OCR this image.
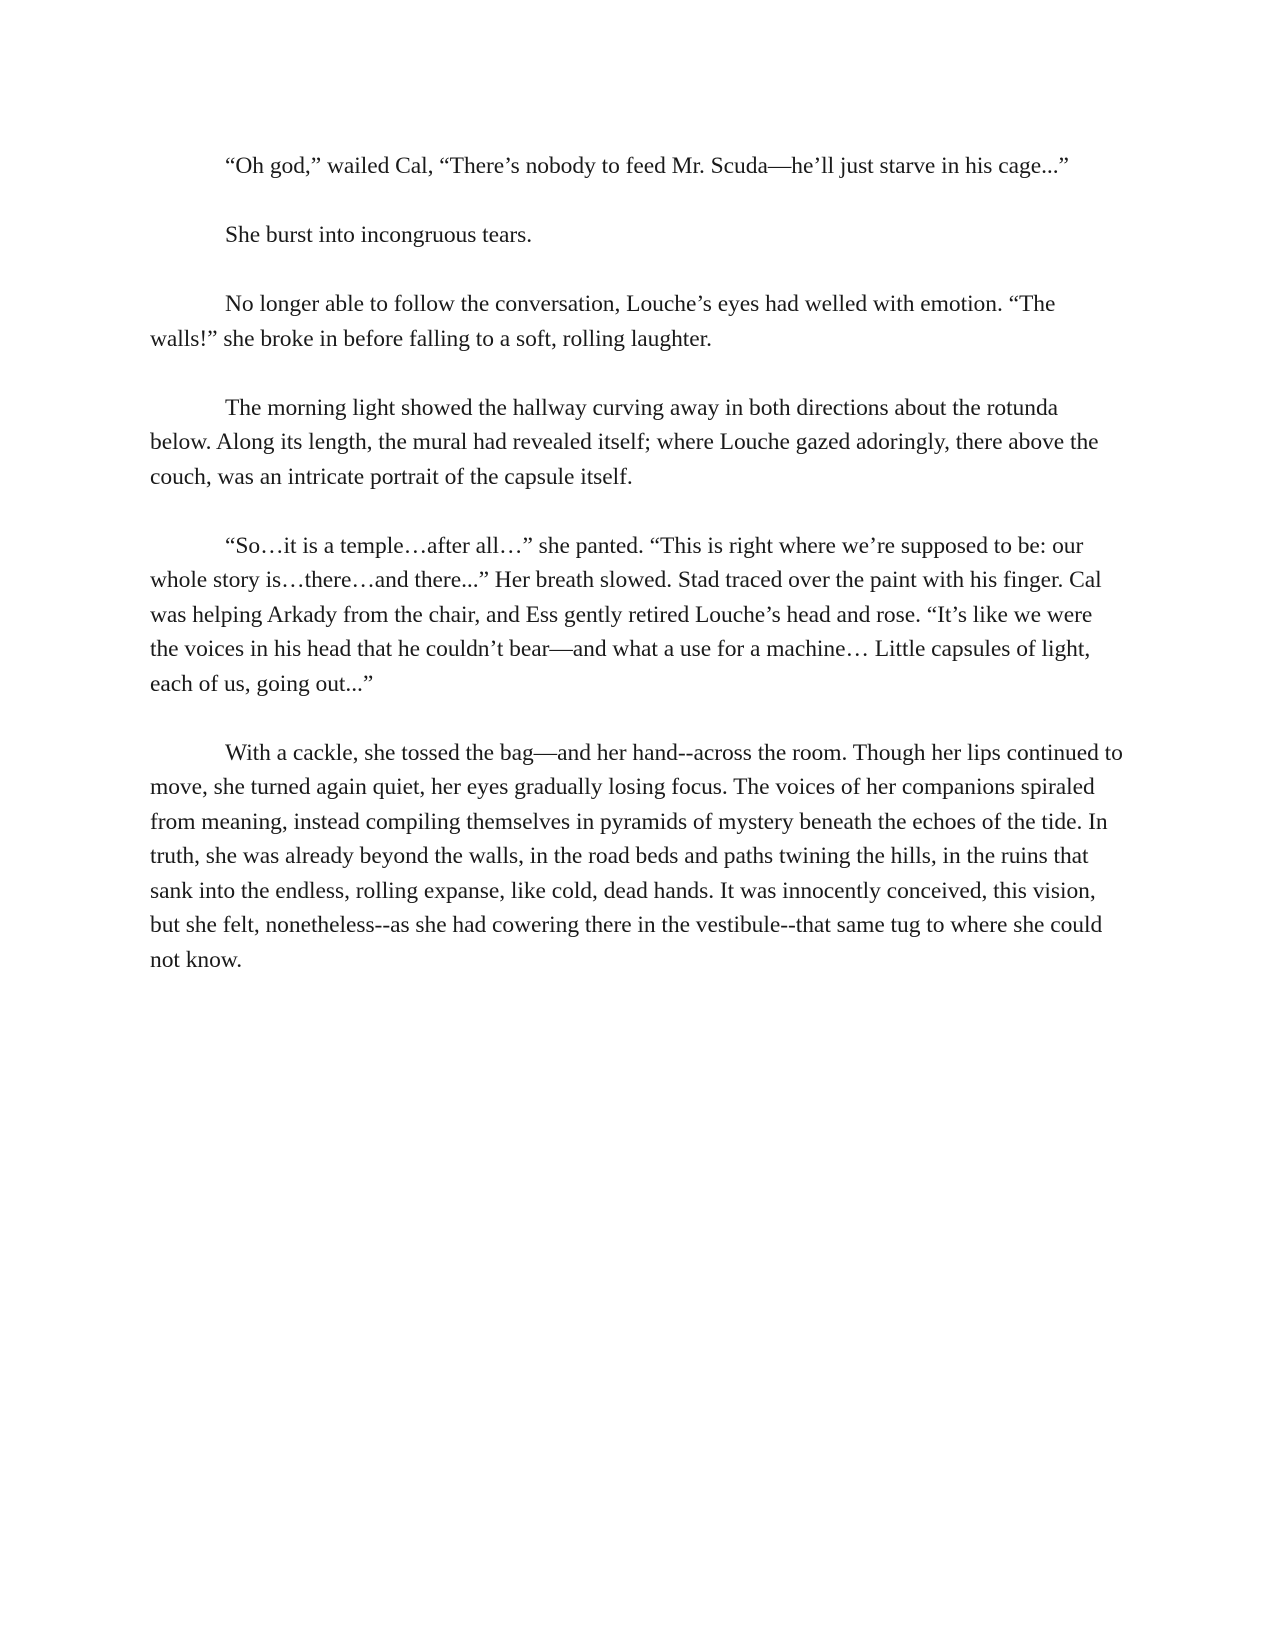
“Oh god,” wailed Cal, “There’s nobody to feed Mr. Scuda—he’ll just starve in his cage...”

She burst into incongruous tears.

No longer able to follow the conversation, Louche’s eyes had welled with emotion. “The walls!” she broke in before falling to a soft, rolling laughter.

The morning light showed the hallway curving away in both directions about the rotunda below. Along its length, the mural had revealed itself; where Louche gazed adoringly, there above the couch, was an intricate portrait of the capsule itself.

“So…it is a temple…after all…” she panted. “This is right where we’re supposed to be: our whole story is…there…and there...” Her breath slowed. Stad traced over the paint with his finger. Cal was helping Arkady from the chair, and Ess gently retired Louche’s head and rose. “It’s like we were the voices in his head that he couldn’t bear—and what a use for a machine… Little capsules of light, each of us, going out...”

With a cackle, she tossed the bag—and her hand--across the room. Though her lips continued to move, she turned again quiet, her eyes gradually losing focus. The voices of her companions spiraled from meaning, instead compiling themselves in pyramids of mystery beneath the echoes of the tide. In truth, she was already beyond the walls, in the road beds and paths twining the hills, in the ruins that sank into the endless, rolling expanse, like cold, dead hands. It was innocently conceived, this vision, but she felt, nonetheless--as she had cowering there in the vestibule--that same tug to where she could not know.
